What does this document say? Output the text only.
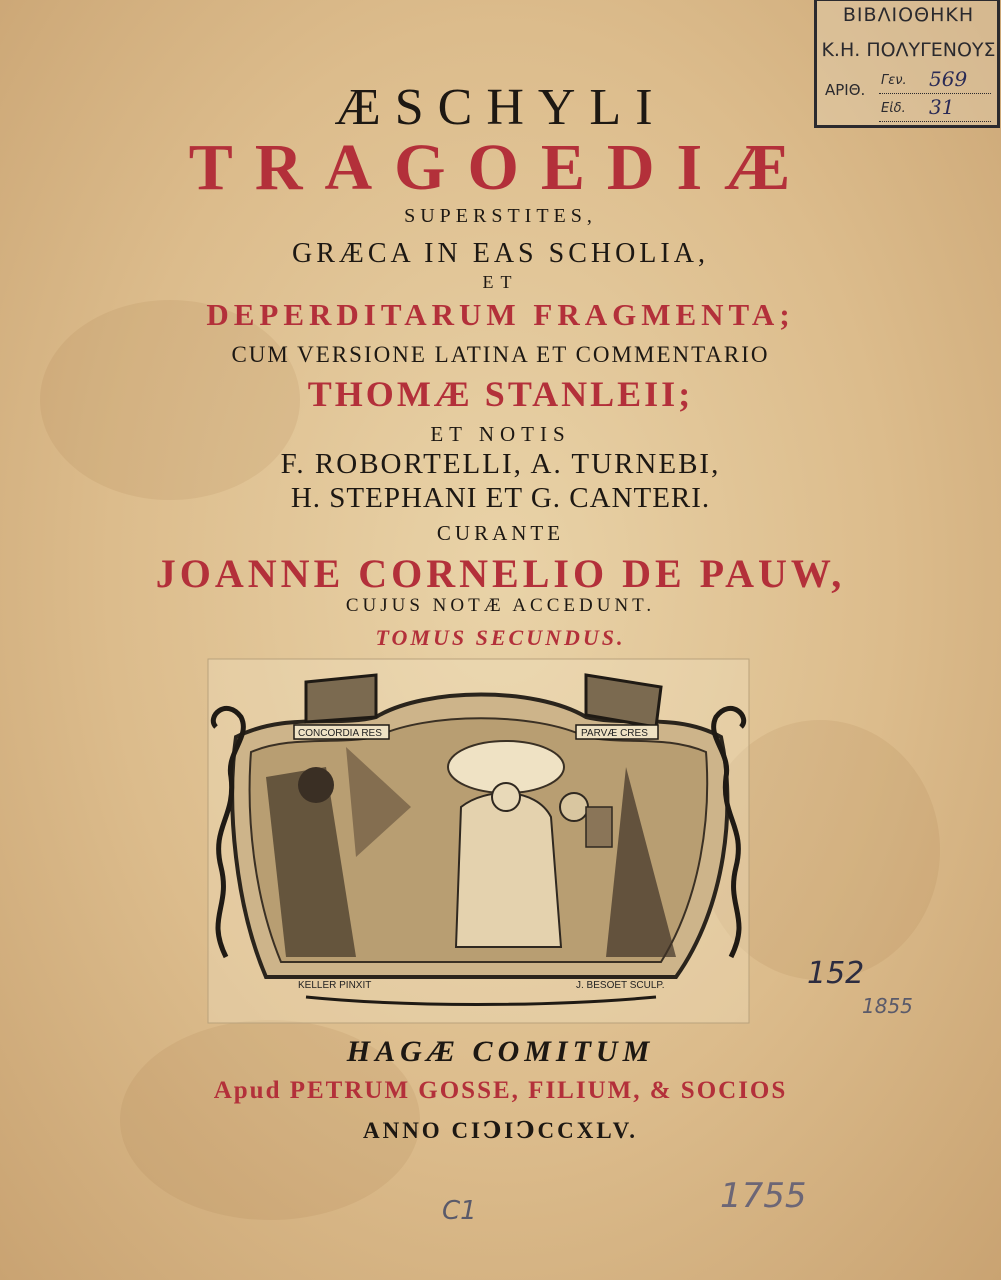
ΒΙΒΛΙΟΘΗΚΗ
Κ.Η. ΠΟΛΥΓΕΝΟΥΣ
ΑΡΙΘ.
Γεν. 569
Εἰδ. 31
ÆSCHYLI
TRAGOEDIÆ
SUPERSTITES,
GRÆCA IN EAS SCHOLIA,
ET
DEPERDITARUM FRAGMENTA;
CUM VERSIONE LATINA ET COMMENTARIO
THOMÆ STANLEII;
ET NOTIS
F. ROBORTELLI, A. TURNEBI,
H. STEPHANI ET G. CANTERI.
CURANTE
JOANNE CORNELIO DE PAUW,
CUJUS NOTÆ ACCEDUNT.
TOMUS SECUNDUS.
CONCORDIA RES	PARVÆ CRES
KELLER PINXIT	J. BESOET SCULP.
HAGÆ COMITUM
Apud PETRUM GOSSE, FILIUM, & SOCIOS
ANNO CIↃIↃCCXLV.
152
1855
1755
C1
